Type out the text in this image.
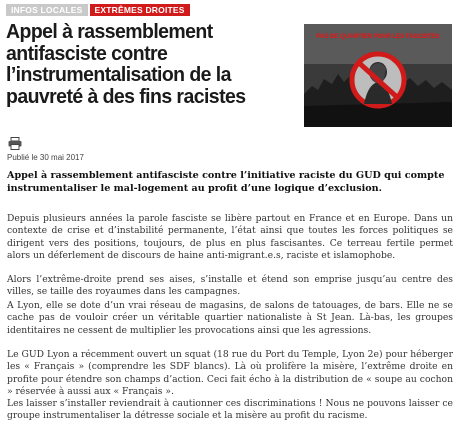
INFOS LOCALES	EXTRÊMES DROITES
Appel à rassemblement antifasciste contre l’instrumentalisation de la pauvreté à des fins racistes
PAS DE QUARTIER POUR LES FASCISTES
Publié le 30 mai 2017

Appel à rassemblement antifasciste contre l’initiative raciste du GUD qui compte instrumentaliser le mal-logement au profit d’une logique d’exclusion.

Depuis plusieurs années la parole fasciste se libère partout en France et en Europe. Dans un contexte de crise et d’instabilité permanente, l’état ainsi que toutes les forces politiques se dirigent vers des positions, toujours, de plus en plus fascisantes. Ce terreau fertile permet alors un déferlement de discours de haine anti-migrant.e.s, raciste et islamophobe.

Alors l’extrême-droite prend ses aises, s’installe et étend son emprise jusqu’au centre des villes, se taille des royaumes dans les campagnes.

A Lyon, elle se dote d’un vrai réseau de magasins, de salons de tatouages, de bars. Elle ne se cache pas de vouloir créer un véritable quartier nationaliste à St Jean. Là-bas, les groupes identitaires ne cessent de multiplier les provocations ainsi que les agressions.

Le GUD Lyon a récemment ouvert un squat (18 rue du Port du Temple, Lyon 2e) pour héberger les « Français » (comprendre les SDF blancs). Là où prolifère la misère, l’extrême droite en profite pour étendre son champs d’action. Ceci fait écho à la distribution de « soupe au cochon » réservée à aussi aux « Français ».

Les laisser s’installer reviendrait à cautionner ces discriminations ! Nous ne pouvons laisser ce groupe instrumentaliser la détresse sociale et la misère au profit du racisme.
